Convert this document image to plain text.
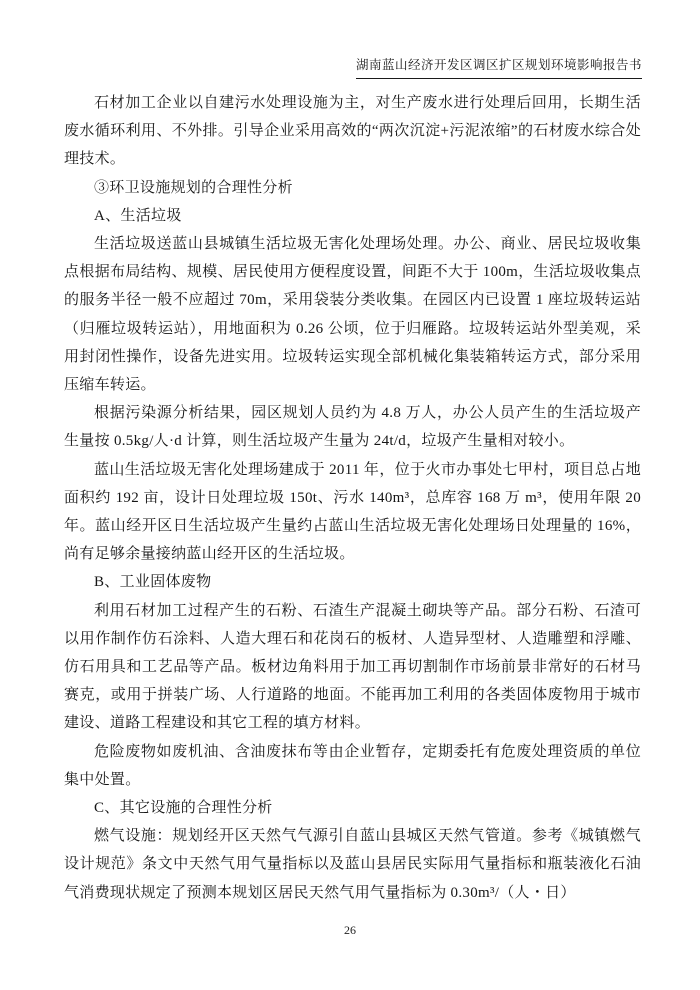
湖南蓝山经济开发区调区扩区规划环境影响报告书

石材加工企业以自建污水处理设施为主，对生产废水进行处理后回用，长期生活废水循环利用、不外排。引导企业采用高效的“两次沉淀+污泥浓缩”的石材废水综合处理技术。

③环卫设施规划的合理性分析

A、生活垃圾

生活垃圾送蓝山县城镇生活垃圾无害化处理场处理。办公、商业、居民垃圾收集点根据布局结构、规模、居民使用方便程度设置，间距不大于 100m，生活垃圾收集点的服务半径一般不应超过 70m，采用袋装分类收集。在园区内已设置 1 座垃圾转运站（归雁垃圾转运站），用地面积为 0.26 公顷，位于归雁路。垃圾转运站外型美观，采用封闭性操作，设备先进实用。垃圾转运实现全部机械化集装箱转运方式，部分采用压缩车转运。

根据污染源分析结果，园区规划人员约为 4.8 万人，办公人员产生的生活垃圾产生量按 0.5kg/人·d 计算，则生活垃圾产生量为 24t/d，垃圾产生量相对较小。

蓝山生活垃圾无害化处理场建成于 2011 年，位于火市办事处七甲村，项目总占地面积约 192 亩，设计日处理垃圾 150t、污水 140m³，总库容 168 万 m³，使用年限 20 年。蓝山经开区日生活垃圾产生量约占蓝山生活垃圾无害化处理场日处理量的 16%，尚有足够余量接纳蓝山经开区的生活垃圾。

B、工业固体废物

利用石材加工过程产生的石粉、石渣生产混凝土砌块等产品。部分石粉、石渣可以用作制作仿石涂料、人造大理石和花岗石的板材、人造异型材、人造雕塑和浮雕、仿石用具和工艺品等产品。板材边角料用于加工再切割制作市场前景非常好的石材马赛克，或用于拼装广场、人行道路的地面。不能再加工利用的各类固体废物用于城市建设、道路工程建设和其它工程的填方材料。

危险废物如废机油、含油废抹布等由企业暂存，定期委托有危废处理资质的单位集中处置。

C、其它设施的合理性分析

燃气设施：规划经开区天然气气源引自蓝山县城区天然气管道。参考《城镇燃气设计规范》条文中天然气用气量指标以及蓝山县居民实际用气量指标和瓶装液化石油气消费现状规定了预测本规划区居民天然气用气量指标为 0.30m³/（人・日）

26
